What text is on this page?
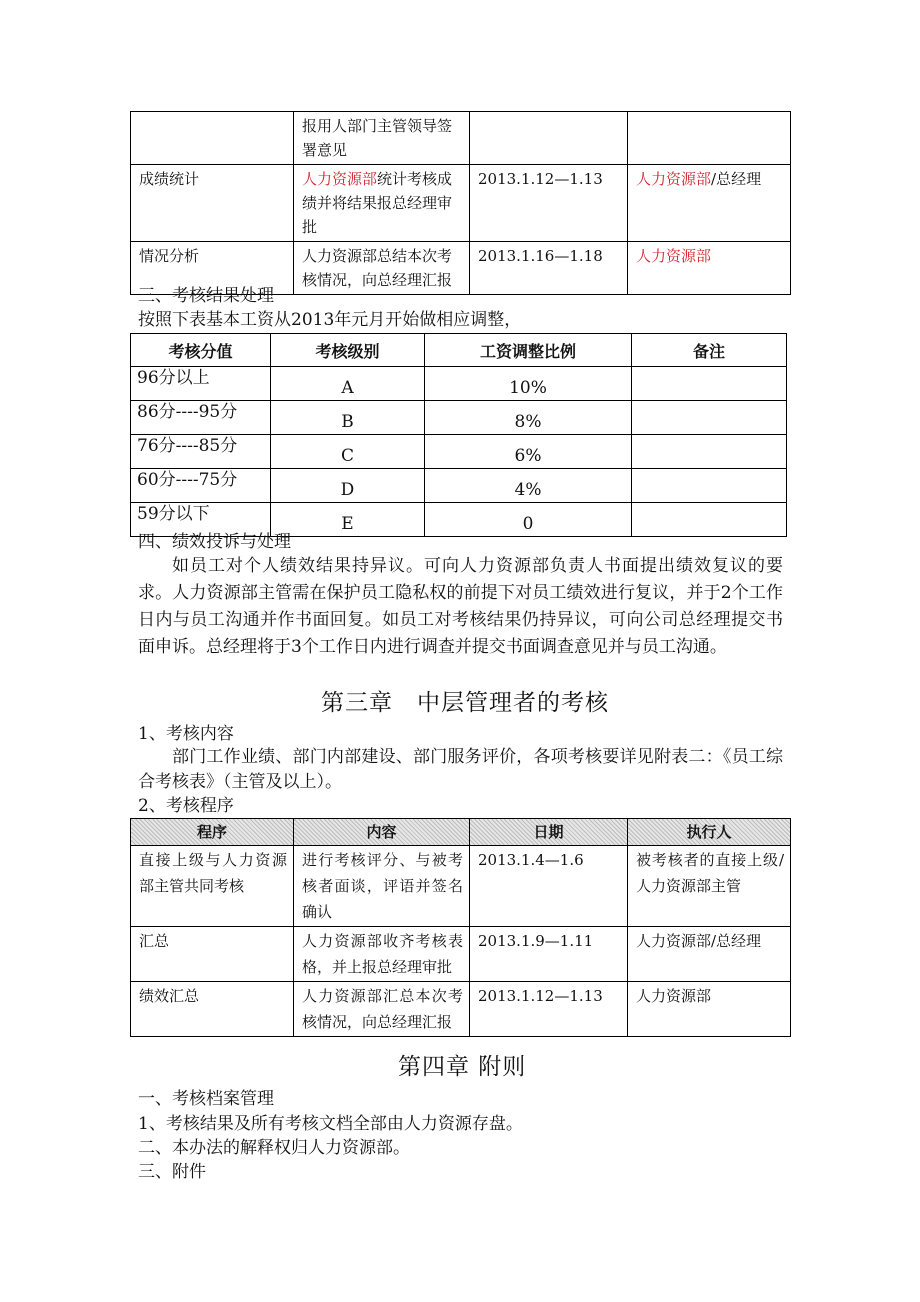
	报用人部门主管领导签署意见		
成绩统计	人力资源部统计考核成绩并将结果报总经理审批	2013.1.12—1.13	人力资源部/总经理
情况分析	人力资源部总结本次考核情况，向总经理汇报	2013.1.16—1.18	人力资源部
三、考核结果处理
按照下表基本工资从2013年元月开始做相应调整，
考核分值	考核级别	工资调整比例	备注
96分以上	A	10%	
86分----95分	B	8%	
76分----85分	C	6%	
60分----75分	D	4%	
59分以下	E	0	
四、绩效投诉与处理
如员工对个人绩效结果持异议。可向人力资源部负责人书面提出绩效复议的要求。人力资源部主管需在保护员工隐私权的前提下对员工绩效进行复议，并于2个工作日内与员工沟通并作书面回复。如员工对考核结果仍持异议，可向公司总经理提交书面申诉。总经理将于3个工作日内进行调查并提交书面调查意见并与员工沟通。
第三章　中层管理者的考核
1、考核内容
部门工作业绩、部门内部建设、部门服务评价，各项考核要详见附表二：《员工综合考核表》（主管及以上）。
2、考核程序
程序	内容	日期	执行人
直接上级与人力资源部主管共同考核	进行考核评分、与被考核者面谈，评语并签名确认	2013.1.4—1.6	被考核者的直接上级/人力资源部主管
汇总	人力资源部收齐考核表格，并上报总经理审批	2013.1.9—1.11	人力资源部/总经理
绩效汇总	人力资源部汇总本次考核情况，向总经理汇报	2013.1.12—1.13	人力资源部
第四章 附则
一、考核档案管理
1、考核结果及所有考核文档全部由人力资源存盘。
二、本办法的解释权归人力资源部。
三、附件
